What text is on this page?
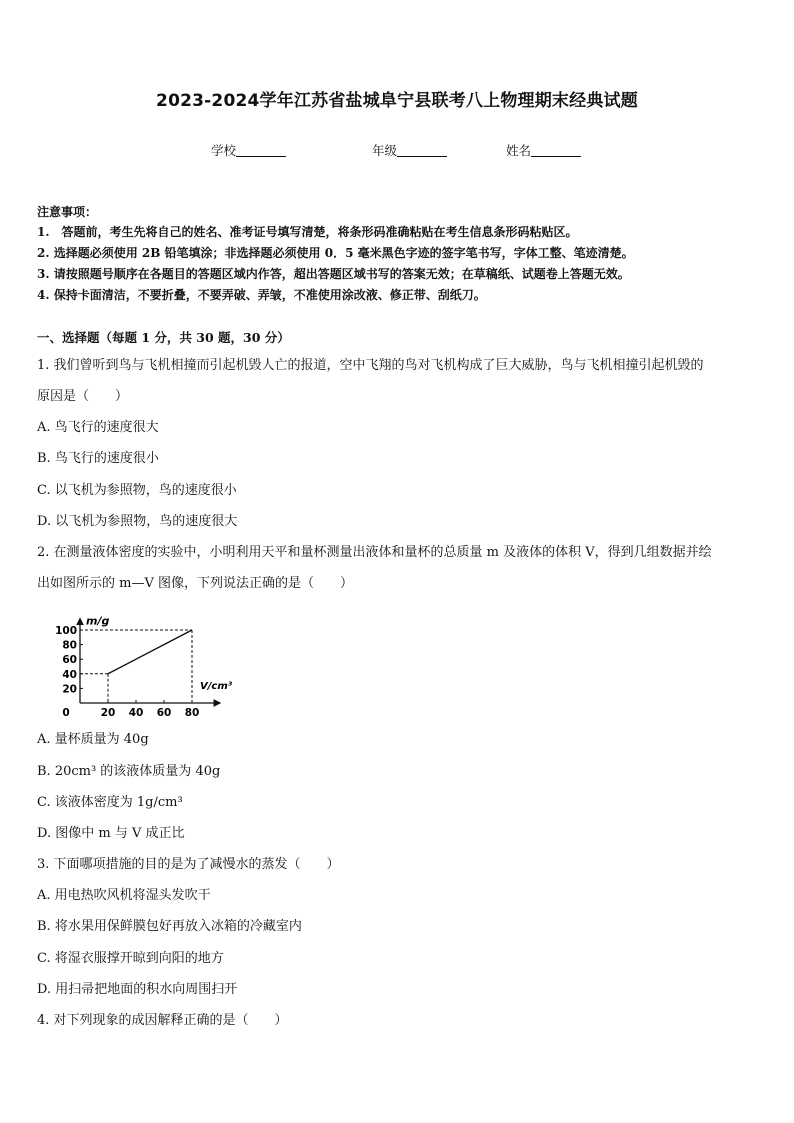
2023-2024学年江苏省盐城阜宁县联考八上物理期末经典试题
学校	年级	姓名
注意事项：
1.　答题前，考生先将自己的姓名、准考证号填写清楚，将条形码准确粘贴在考生信息条形码粘贴区。
2. 选择题必须使用 2B 铅笔填涂；非选择题必须使用 0．5 毫米黑色字迹的签字笔书写，字体工整、笔迹清楚。
3. 请按照题号顺序在各题目的答题区域内作答，超出答题区域书写的答案无效；在草稿纸、试题卷上答题无效。
4. 保持卡面清洁，不要折叠，不要弄破、弄皱，不准使用涂改液、修正带、刮纸刀。
一、选择题（每题 1 分，共 30 题，30 分）
1. 我们曾听到鸟与飞机相撞而引起机毁人亡的报道，空中飞翔的鸟对飞机构成了巨大威胁，鸟与飞机相撞引起机毁的
原因是（　　）
A. 鸟飞行的速度很大
B. 鸟飞行的速度很小
C. 以飞机为参照物，鸟的速度很小
D. 以飞机为参照物，鸟的速度很大
2. 在测量液体密度的实验中，小明利用天平和量杯测量出液体和量杯的总质量 m 及液体的体积 V，得到几组数据并绘
出如图所示的 m—V 图像，下列说法正确的是（　　）
m/g
V/cm³
20
40
60
80
100
0	20 40 60 80
A. 量杯质量为 40g
B. 20cm³ 的该液体质量为 40g
C. 该液体密度为 1g/cm³
D. 图像中 m 与 V 成正比
3. 下面哪项措施的目的是为了减慢水的蒸发（　　）
A. 用电热吹风机将湿头发吹干
B. 将水果用保鲜膜包好再放入冰箱的冷藏室内
C. 将湿衣服撑开晾到向阳的地方
D. 用扫帚把地面的积水向周围扫开
4. 对下列现象的成因解释正确的是（　　）
